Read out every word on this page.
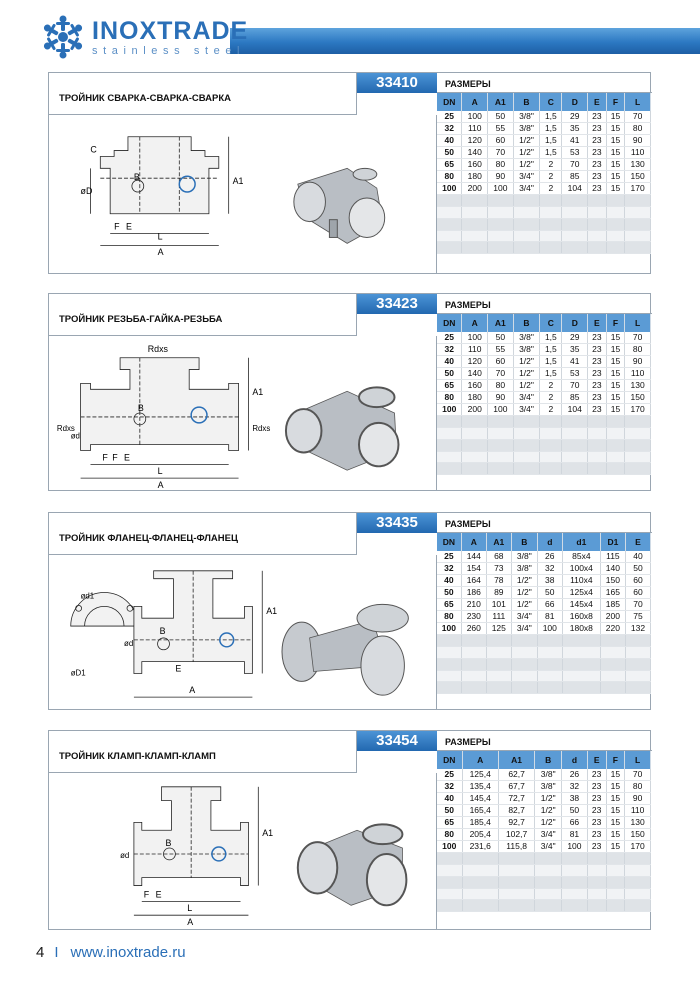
INOXTRADE
stainless steel
ТРОЙНИК СВАРКА-СВАРКА-СВАРКА
33410	РАЗМЕРЫ
C
øD
B	A1
F E
L
A
DN	A	A1	B	C	D	E	F	L
25	100	50	3/8"	1,5	29	23	15	70
32	110	55	3/8"	1,5	35	23	15	80
40	120	60	1/2"	1,5	41	23	15	90
50	140	70	1/2"	1,5	53	23	15	110
65	160	80	1/2"	2	70	23	15	130
80	180	90	3/4"	2	85	23	15	150
100	200	100	3/4"	2	104	23	15	170

ТРОЙНИК РЕЗЬБА-ГАЙКА-РЕЗЬБА
33423	РАЗМЕРЫ
Rdxs
Rdxs
ød
Rdxs
B
A1
F F E
L
A
DN	A	A1	B	C	D	E	F	L
25	100	50	3/8"	1,5	29	23	15	70
32	110	55	3/8"	1,5	35	23	15	80
40	120	60	1/2"	1,5	41	23	15	90
50	140	70	1/2"	1,5	53	23	15	110
65	160	80	1/2"	2	70	23	15	130
80	180	90	3/4"	2	85	23	15	150
100	200	100	3/4"	2	104	23	15	170

ТРОЙНИК ФЛАНЕЦ-ФЛАНЕЦ-ФЛАНЕЦ
33435	РАЗМЕРЫ
ød1
øD1
ød
B
A1
E
A
DN	A	A1	B	d	d1	D1	E
25	144	68	3/8"	26	85x4	115	40
32	154	73	3/8"	32	100x4	140	50
40	164	78	1/2"	38	110x4	150	60
50	186	89	1/2"	50	125x4	165	60
65	210	101	1/2"	66	145x4	185	70
80	230	111	3/4"	81	160x8	200	75
100	260	125	3/4"	100	180x8	220	132

ТРОЙНИК КЛАМП-КЛАМП-КЛАМП
33454	РАЗМЕРЫ
ød
B
A1
F E
L
A
DN	A	A1	B	d	E	F	L
25	125,4	62,7	3/8"	26	23	15	70
32	135,4	67,7	3/8"	32	23	15	80
40	145,4	72,7	1/2"	38	23	15	90
50	165,4	82,7	1/2"	50	23	15	110
65	185,4	92,7	1/2"	66	23	15	130
80	205,4	102,7	3/4"	81	23	15	150
100	231,6	115,8	3/4"	100	23	15	170

4 I www.inoxtrade.ru
